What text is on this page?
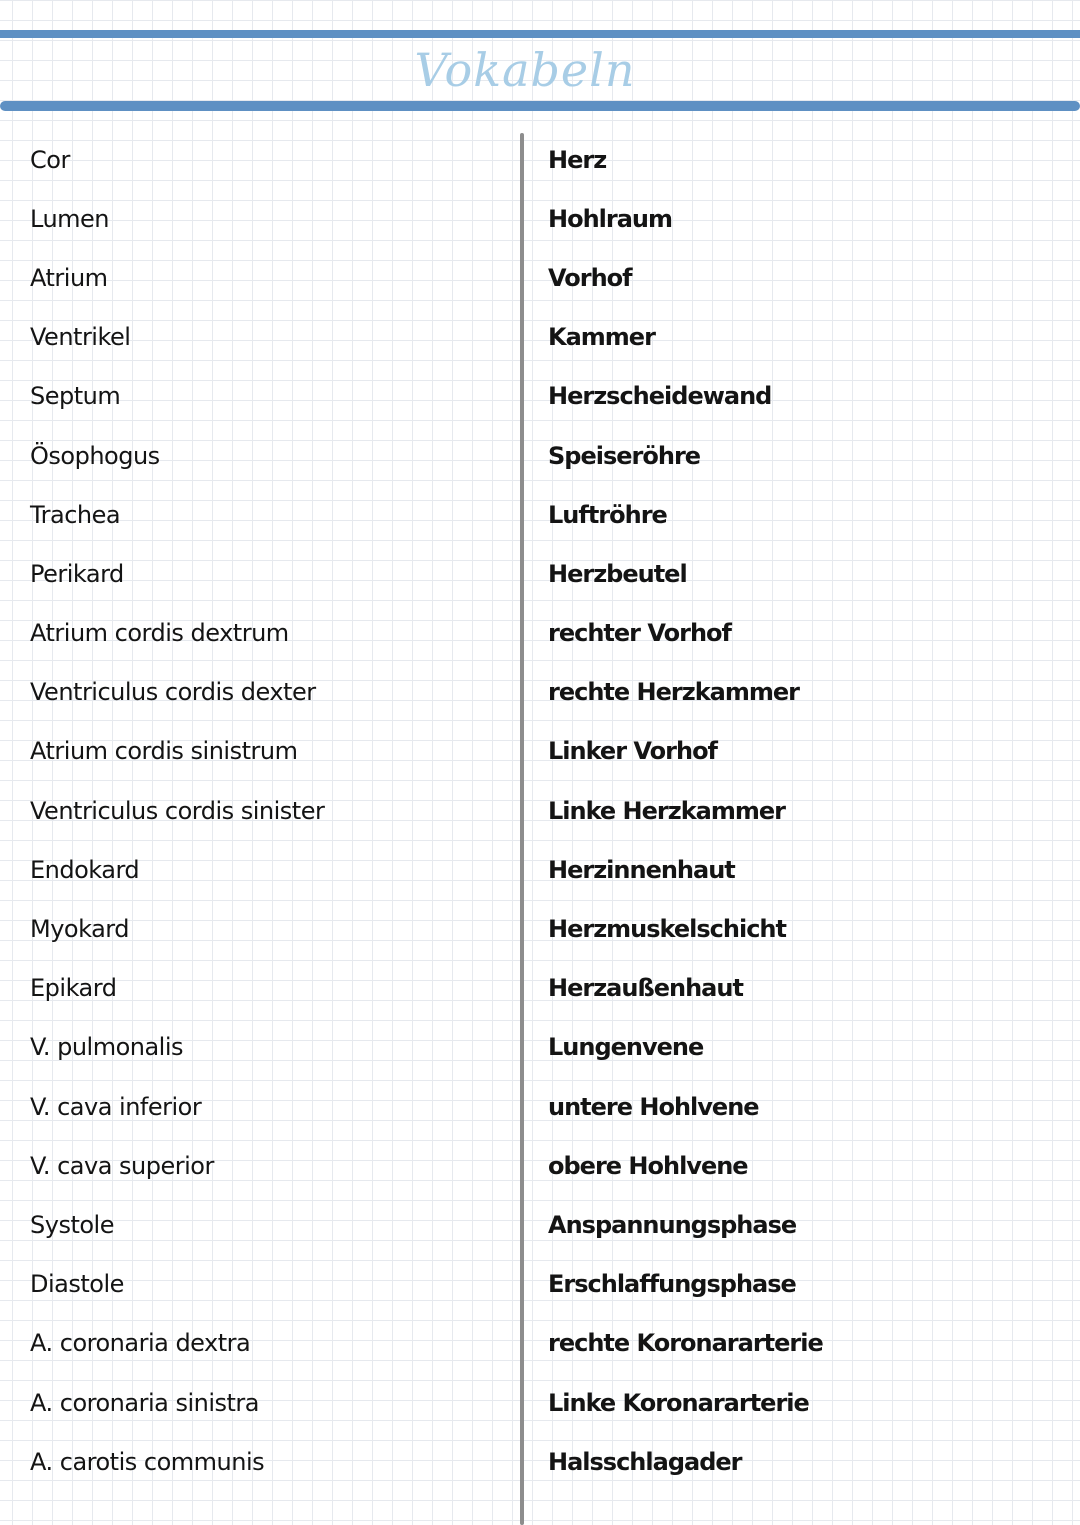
Vokabeln
Cor
Lumen
Atrium
Ventrikel
Septum
Ösophogus
Trachea
Perikard
Atrium cordis dextrum
Ventriculus cordis dexter
Atrium cordis sinistrum
Ventriculus cordis sinister
Endokard
Myokard
Epikard
V. pulmonalis
V. cava inferior
V. cava superior
Systole
Diastole
A. coronaria dextra
A. coronaria sinistra
A. carotis communis
Herz
Hohlraum
Vorhof
Kammer
Herzscheidewand
Speiseröhre
Luftröhre
Herzbeutel
rechter Vorhof
rechte Herzkammer
Linker Vorhof
Linke Herzkammer
Herzinnenhaut
Herzmuskelschicht
Herzaußenhaut
Lungenvene
untere Hohlvene
obere Hohlvene
Anspannungsphase
Erschlaffungsphase
rechte Koronararterie
Linke Koronararterie
Halsschlagader
